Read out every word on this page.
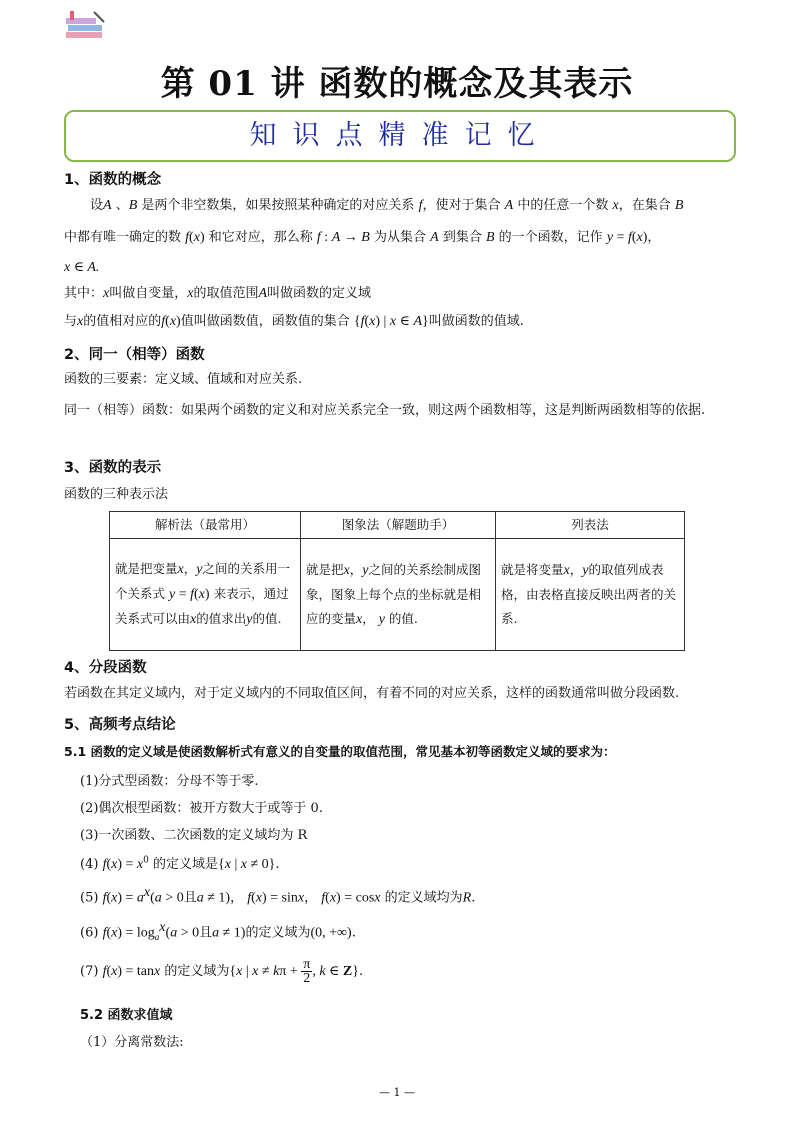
第 01 讲 函数的概念及其表示
知识点精准记忆
1、函数的概念
设A 、B 是两个非空数集，如果按照某种确定的对应关系 f，使对于集合 A 中的任意一个数 x，在集合 B
中都有唯一确定的数 f(x) 和它对应，那么称 f : A → B 为从集合 A 到集合 B 的一个函数，记作 y = f(x)，
x ∈ A.
其中：x叫做自变量，x的取值范围A叫做函数的定义域
与x的值相对应的f(x)值叫做函数值，函数值的集合 {f(x) | x ∈ A}叫做函数的值域.
2、同一（相等）函数
函数的三要素：定义域、值域和对应关系.
同一（相等）函数：如果两个函数的定义和对应关系完全一致，则这两个函数相等，这是判断两函数相等的依据.
3、函数的表示
函数的三种表示法
解析法（最常用）	图象法（解题助手）	列表法
就是把变量x，y之间的关系用一个关系式 y = f(x) 来表示，通过关系式可以由x的值求出y的值.	就是把x，y之间的关系绘制成图象，图象上每个点的坐标就是相应的变量x， y 的值.	就是将变量x，y的取值列成表格，由表格直接反映出两者的关系.
4、分段函数
若函数在其定义域内，对于定义域内的不同取值区间，有着不同的对应关系，这样的函数通常叫做分段函数.
5、高频考点结论
5.1 函数的定义域是使函数解析式有意义的自变量的取值范围，常见基本初等函数定义域的要求为：
(1)分式型函数：分母不等于零.
(2)偶次根型函数：被开方数大于或等于 0.
(3)一次函数、二次函数的定义域均为 R
(4) $f(x) = x^0$ 的定义域是{x | x ≠ 0}.
(5) $f(x) = a^x(a > 0$且a ≠ 1)， f(x) = sinx， f(x) = cosx 的定义域均为R.
(6) $f(x) = \log_a^x(a > 0$且a ≠ 1)的定义域为(0, +∞).
(7) f(x) = tanx 的定义域为{x | $x \ne k\pi + \frac{\pi}{2}$ , k ∈ Z}.
5.2 函数求值域
（1）分离常数法:
— 1 —
